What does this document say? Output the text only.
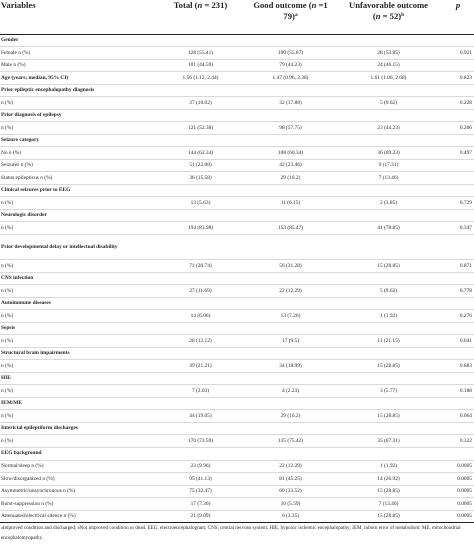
Variables	Total (n = 231)	Good outcome (n =1
79)$^a$	Unfavorable outcome
(n = 52)$^b$	p
Gender				
Female n (%)	128 (55.41)	100 (55.87)	28 (53.85)	0.921
Male n (%)	101 (44.59)	79 (44.23)	24 (46.15)	
Age (years; median, 95% CI)	1.56 (1.12, 2.44)	1.47 (0.96, 2.38)	1.61 (1.06, 2.68)	0.823
Prior epileptic encephalopathy diagnosis				
n (%)	37 (16.02)	32 (17.88)	5 (9.62)	0.228
Prior diagnosis of epilepsy				
n (%)	121 (52.38)	98 (57.75)	23 (44.23)	0.206
Seizure category				
No n (%)	144 (62.34)	108 (60.34)	36 (69.23)	0.497
Seizures n (%)	51 (22.08)	42 (23.46)	9 (17.31)	
Status epilepticus n (%)	36 (15.58)	29 (16.2)	7 (13.46)	
Clinical seizures prior to EEG				
n (%)	13 (5.63)	11 (6.15)	2 (3.85)	0.729
Neurologic disorder				
n (%)	194 (83.98)	153 (85.47)	41 (78.85)	0.347
Prior developmental delay or intellectual disability				
n (%)	71 (30.74)	56 (31.28)	15 (28.85)	0.871
CNS infection				
n (%)	27 (11.69)	22 (12.29)	5 (9.62)	0.778
Autoimmune diseases				
n (%)	14 (6.06)	13 (7.26)	1 (1.92)	0.276
Sepsis				
n (%)	28 (12.12)	17 (9.5)	11 (21.15)	0.041
Structural brain impairments				
n (%)	49 (21.21)	34 (18.99)	15 (28.85)	0.883
HIE				
n (%)	7 (3.03)	4 (2.23)	3 (5.77)	0.188
IEM/ME				
n (%)	44 (19.05)	29 (16.2)	15 (28.85)	0.064
Interictal epileptiform discharges				
n (%)	170 (73.59)	135 (75.42)	35 (67.31)	0.322
EEG background				
Normal/sleep n (%)	23 (9.96)	22 (12.29)	1 (1.92)	0.0005
Slow/disorganized n (%)	95 (41.13)	81 (45.25)	14 (26.92)	0.0005
Asymmetric/unsynchronous n (%)	75 (32.47)	60 (33.52)	15 (28.85)	0.0005
Burst-suppression n (%)	17 (7.36)	10 (5.59)	7 (13.46)	0.0005
Attenuated/electrical silence n (%)	21 (9.09)	6 (3.35)	15 (28.85)	0.0005
$^a$Improved condition and discharged; $^b$Not improved condition or dead. EEG, electroencephalogram; CNS, central nervous system; HIE, hypoxic ischemic encephalopathy; IEM, inborn error of metabolism; ME, mitochondrial encephalomyopathy.
